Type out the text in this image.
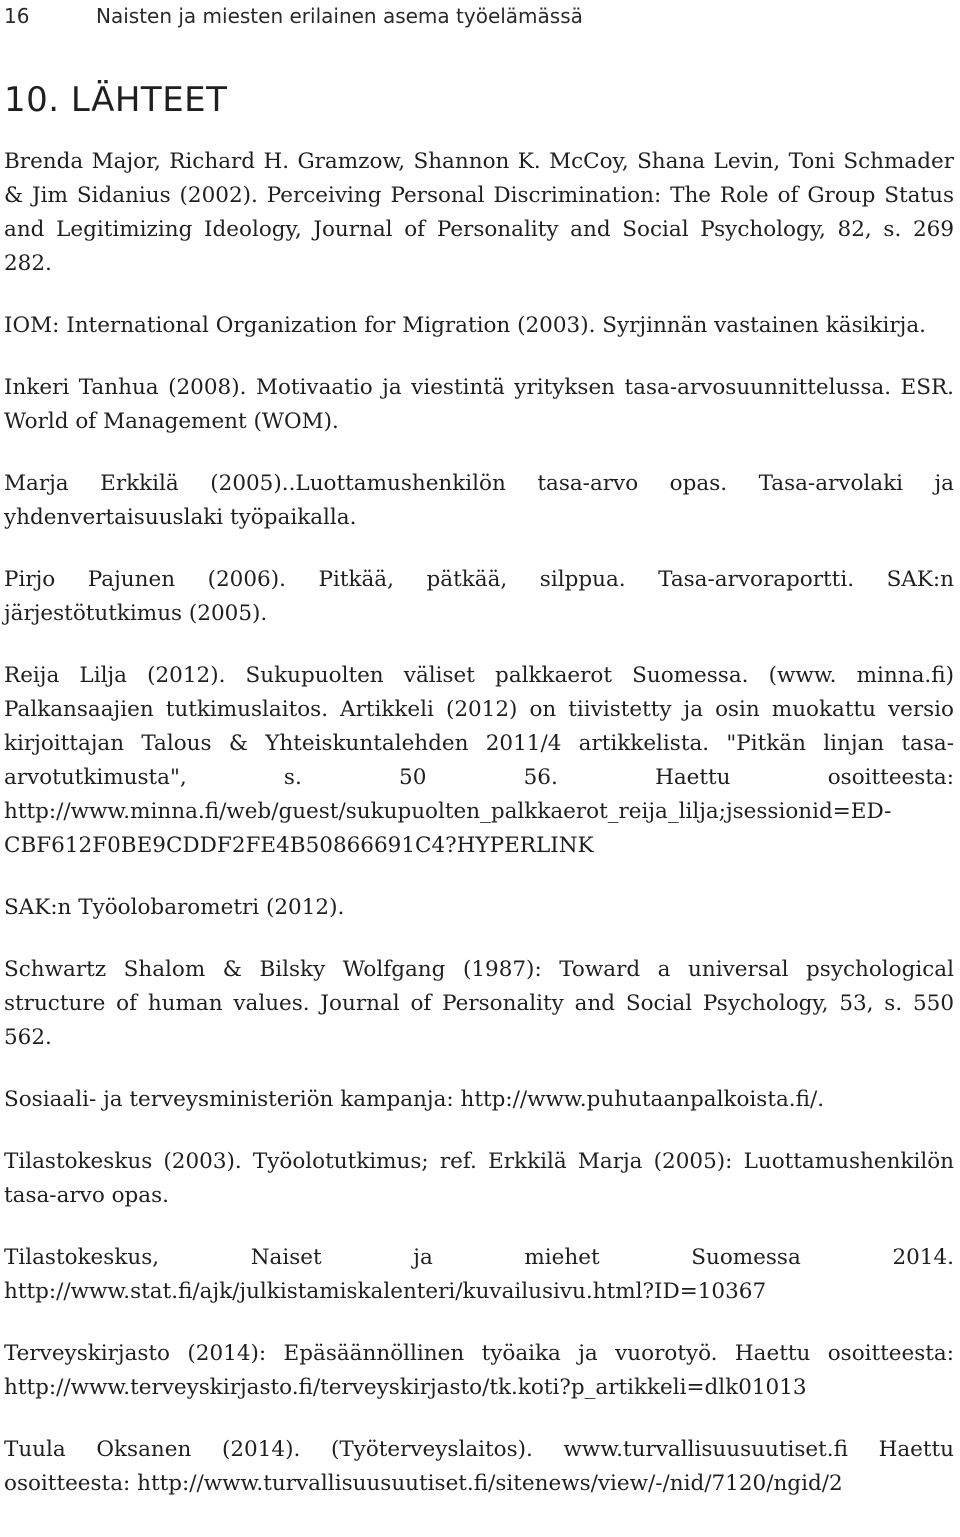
16	Naisten ja miesten erilainen asema työelämässä
10. LÄHTEET

Brenda Major, Richard H. Gramzow, Shannon K. McCoy, Shana Levin, Toni Schmader & Jim Sidanius (2002). Perceiving Personal Discrimination: The Role of Group Status and Legitimizing Ideology, Journal of Personality and Social Psychology, 82, s. 269 282.

IOM: International Organization for Migration (2003). Syrjinnän vastainen käsikirja.

Inkeri Tanhua (2008). Motivaatio ja viestintä yrityksen tasa-arvosuunnittelussa. ESR. World of Management (WOM).

Marja Erkkilä (2005)..Luottamushenkilön tasa-arvo opas. Tasa-arvolaki ja yhdenvertaisuuslaki työpaikalla.

Pirjo Pajunen (2006). Pitkää, pätkää, silppua. Tasa-arvoraportti. SAK:n järjestötutkimus (2005).

Reija Lilja (2012). Sukupuolten väliset palkkaerot Suomessa. (www. minna.fi) Palkansaajien tutkimuslaitos. Artikkeli (2012) on tiivistetty ja osin muokattu versio kirjoittajan Talous & Yhteiskuntalehden 2011/4 artikkelista. "Pitkän linjan tasa-arvotutkimusta", s. 50 56. Haettu osoitteesta: http://www.minna.fi/web/guest/sukupuolten_palkkaerot_reija_lilja;jsessionid=ED-CBF612F0BE9CDDF2FE4B50866691C4?HYPERLINK

SAK:n Työolobarometri (2012).

Schwartz Shalom & Bilsky Wolfgang (1987): Toward a universal psychological structure of human values. Journal of Personality and Social Psychology, 53, s. 550 562.

Sosiaali- ja terveysministeriön kampanja: http://www.puhutaanpalkoista.fi/.

Tilastokeskus (2003). Työolotutkimus; ref. Erkkilä Marja (2005): Luottamushenkilön tasa-arvo opas.

Tilastokeskus, Naiset ja miehet Suomessa 2014. http://www.stat.fi/ajk/julkistamiskalenteri/kuvailusivu.html?ID=10367

Terveyskirjasto (2014): Epäsäännöllinen työaika ja vuorotyö. Haettu osoitteesta: http://www.terveyskirjasto.fi/terveyskirjasto/tk.koti?p_artikkeli=dlk01013

Tuula Oksanen (2014). (Työterveyslaitos). www.turvallisuusuutiset.fi Haettu osoitteesta: http://www.turvallisuusuutiset.fi/sitenews/view/-/nid/7120/ngid/2
